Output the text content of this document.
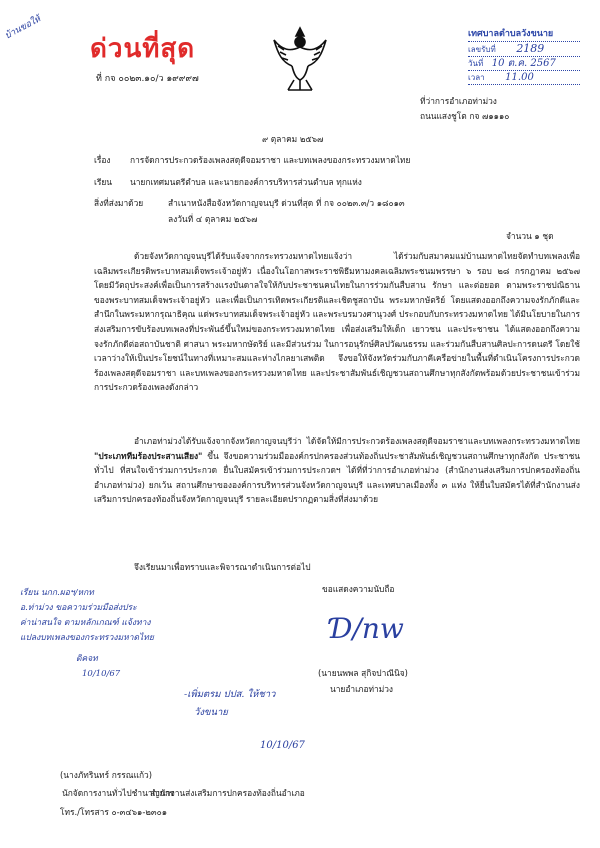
บ้านขอให้
ด่วนที่สุด
ที่ กจ ๐๐๒๓.๑๐/ว ๑๙๙๙๗
เทศบาลตำบลวังขนาย
เลขรับที่ 2189
วันที่ 10 ต.ค. 2567
เวลา 11.00
ที่ว่าการอำเภอท่าม่วง
ถนนแสงชูโต กจ ๗๑๑๑๐
๙ ตุลาคม ๒๕๖๗
เรื่อง การจัดการประกวดร้องเพลงสดุดีจอมราชา และบทเพลงของกระทรวงมหาดไทย
เรียน นายกเทศมนตรีตำบล และนายกองค์การบริหารส่วนตำบล ทุกแห่ง
สิ่งที่ส่งมาด้วย	สำเนาหนังสือจังหวัดกาญจนบุรี ด่วนที่สุด ที่ กจ ๐๐๒๓.๓/ว ๑๘๐๑๓
ลงวันที่ ๔ ตุลาคม ๒๕๖๗
จำนวน ๑ ชุด
ด้วยจังหวัดกาญจนบุรีได้รับแจ้งจากกระทรวงมหาดไทยแจ้งว่า ได้ร่วมกับสมาคมแม่บ้านมหาดไทยจัดทำบทเพลงเพื่อเฉลิมพระเกียรติพระบาทสมเด็จพระเจ้าอยู่หัว เนื่องในโอกาสพระราชพิธีมหามงคลเฉลิมพระชนมพรรษา ๖ รอบ ๒๘ กรกฎาคม ๒๕๖๗ โดยมีวัตถุประสงค์เพื่อเป็นการสร้างแรงบันดาลใจให้กับประชาชนคนไทยในการร่วมกันสืบสาน รักษา และต่อยอด ตามพระราชปณิธานของพระบาทสมเด็จพระเจ้าอยู่หัว และเพื่อเป็นการเทิดพระเกียรติและเชิดชูสถาบัน พระมหากษัตริย์ โดยแสดงออกถึงความจงรักภักดีและสำนึกในพระมหากรุณาธิคุณ แด่พระบาทสมเด็จพระเจ้าอยู่หัว และพระบรมวงศานุวงศ์ ประกอบกับกระทรวงมหาดไทย ได้มีนโยบายในการส่งเสริมการขับร้องบทเพลงที่ประพันธ์ขึ้นใหม่ของกระทรวงมหาดไทย เพื่อส่งเสริมให้เด็ก เยาวชน และประชาชน ได้แสดงออกถึงความจงรักภักดีต่อสถาบันชาติ ศาสนา พระมหากษัตริย์ และมีส่วนร่วม ในการอนุรักษ์ศิลปวัฒนธรรม และร่วมกันสืบสานศิลปะการดนตรี โดยใช้เวลาว่างให้เป็นประโยชน์ในทางที่เหมาะสมและห่างไกลยาเสพติด จึงขอให้จังหวัดร่วมกับภาคีเครือข่ายในพื้นที่ดำเนินโครงการประกวดร้องเพลงสดุดีจอมราชา และบทเพลงของกระทรวงมหาดไทย และประชาสัมพันธ์เชิญชวนสถานศึกษาทุกสังกัดพร้อมด้วยประชาชนเข้าร่วมการประกวดร้องเพลงดังกล่าว
อำเภอท่าม่วงได้รับแจ้งจากจังหวัดกาญจนบุรีว่า ได้จัดให้มีการประกวดร้องเพลงสดุดีจอมราชาและบทเพลงกระทรวงมหาดไทย "ประเภททีมร้องประสานเสียง" ขึ้น จึงขอความร่วมมือองค์กรปกครองส่วนท้องถิ่นประชาสัมพันธ์เชิญชวนสถานศึกษาทุกสังกัด ประชาชนทั่วไป ที่สนใจเข้าร่วมการประกวด ยื่นใบสมัครเข้าร่วมการประกวดฯ ได้ที่ที่ว่าการอำเภอท่าม่วง (สำนักงานส่งเสริมการปกครองท้องถิ่นอำเภอท่าม่วง) ยกเว้น สถานศึกษาขององค์การบริหารส่วนจังหวัดกาญจนบุรี และเทศบาลเมืองทั้ง ๓ แห่ง ให้ยื่นใบสมัครได้ที่สำนักงานส่งเสริมการปกครองท้องถิ่นจังหวัดกาญจนบุรี รายละเอียดปรากฏตามสิ่งที่ส่งมาด้วย
จึงเรียนมาเพื่อทราบและพิจารณาดำเนินการต่อไป
ขอแสดงความนับถือ
Ɗ/nw
(นายนพพล สุกิจปาณีนิจ)
นายอำเภอท่าม่วง
เรียน นกก.ผอฯ/หกท
อ.ท่าม่วง ขอความร่วมมือส่งประ
ค่าน่าสนใจ ตามหลักเกณฑ์ แจ้งทาง
แปลงบทเพลงของกระทรวงมหาดไทย
ดิคจท
10/10/67
(นางภัทรินทร์ กรรณแก้ว)
นักจัดการงานทั่วไปชำนาญการ
-เพิ่มตรม ปปส. ให้ชาว
วังขนาย
10/10/67
สำนักงานส่งเสริมการปกครองท้องถิ่นอำเภอ
โทร./โทรสาร ๐-๓๔๖๑-๒๓๐๑
